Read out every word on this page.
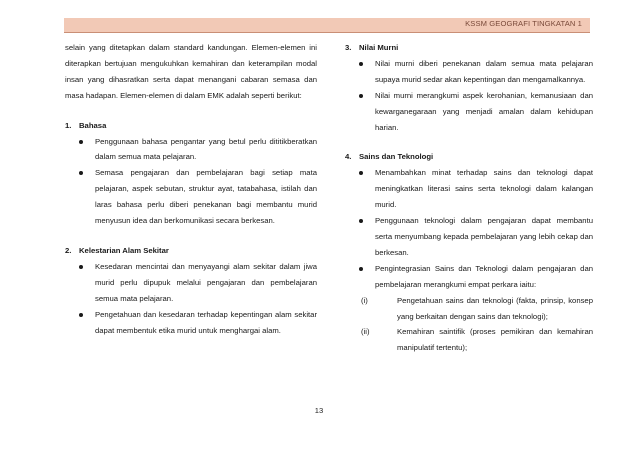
KSSM GEOGRAFI TINGKATAN 1

selain yang ditetapkan dalam standard kandungan. Elemen-elemen ini diterapkan bertujuan mengukuhkan kemahiran dan keterampilan modal insan yang dihasratkan serta dapat menangani cabaran semasa dan masa hadapan. Elemen-elemen di dalam EMK adalah seperti berikut:

1. Bahasa

Penggunaan bahasa pengantar yang betul perlu dititikberatkan dalam semua mata pelajaran.
Semasa pengajaran dan pembelajaran bagi setiap mata pelajaran, aspek sebutan, struktur ayat, tatabahasa, istilah dan laras bahasa perlu diberi penekanan bagi membantu murid menyusun idea dan berkomunikasi secara berkesan.

2. Kelestarian Alam Sekitar

Kesedaran mencintai dan menyayangi alam sekitar dalam jiwa murid perlu dipupuk melalui pengajaran dan pembelajaran semua mata pelajaran.
Pengetahuan dan kesedaran terhadap kepentingan alam sekitar dapat membentuk etika murid untuk menghargai alam.

3. Nilai Murni

Nilai murni diberi penekanan dalam semua mata pelajaran supaya murid sedar akan kepentingan dan mengamalkannya.
Nilai murni merangkumi aspek kerohanian, kemanusiaan dan kewarganegaraan yang menjadi amalan dalam kehidupan harian.

4. Sains dan Teknologi

Menambahkan minat terhadap sains dan teknologi dapat meningkatkan literasi sains serta teknologi dalam kalangan murid.
Penggunaan teknologi dalam pengajaran dapat membantu serta menyumbang kepada pembelajaran yang lebih cekap dan berkesan.
Pengintegrasian Sains dan Teknologi dalam pengajaran dan pembelajaran merangkumi empat perkara iaitu:
(i)	Pengetahuan sains dan teknologi (fakta, prinsip, konsep yang berkaitan dengan sains dan teknologi);
(ii)	Kemahiran saintifik (proses pemikiran dan kemahiran manipulatif tertentu);
13
